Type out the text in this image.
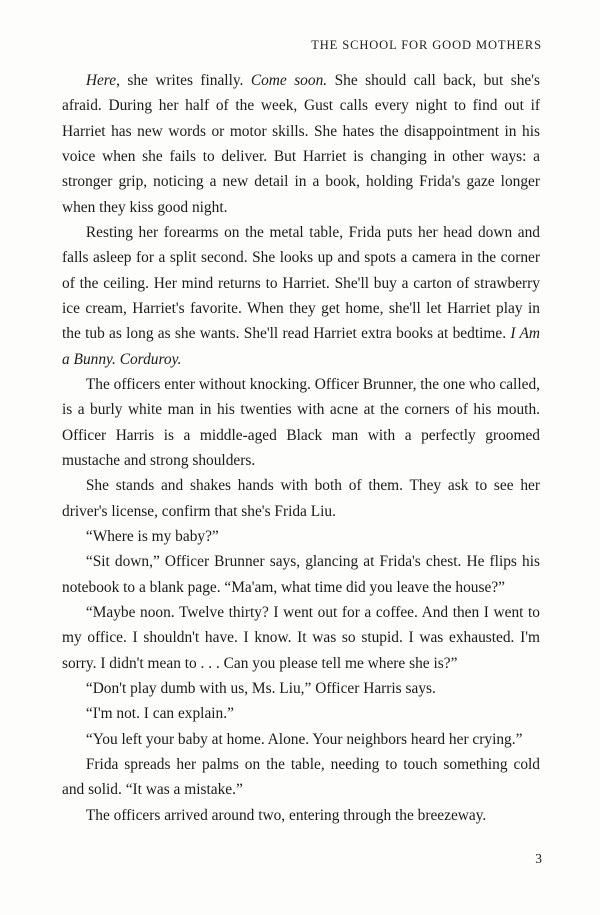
THE SCHOOL FOR GOOD MOTHERS

Here, she writes finally. Come soon. She should call back, but she's afraid. During her half of the week, Gust calls every night to find out if Harriet has new words or motor skills. She hates the disappointment in his voice when she fails to deliver. But Harriet is changing in other ways: a stronger grip, noticing a new detail in a book, holding Frida's gaze longer when they kiss good night.

Resting her forearms on the metal table, Frida puts her head down and falls asleep for a split second. She looks up and spots a camera in the corner of the ceiling. Her mind returns to Harriet. She'll buy a carton of strawberry ice cream, Harriet's favorite. When they get home, she'll let Harriet play in the tub as long as she wants. She'll read Harriet extra books at bedtime. I Am a Bunny. Corduroy.

The officers enter without knocking. Officer Brunner, the one who called, is a burly white man in his twenties with acne at the corners of his mouth. Officer Harris is a middle-aged Black man with a perfectly groomed mustache and strong shoulders.

She stands and shakes hands with both of them. They ask to see her driver's license, confirm that she's Frida Liu.

“Where is my baby?”

“Sit down,” Officer Brunner says, glancing at Frida's chest. He flips his notebook to a blank page. “Ma'am, what time did you leave the house?”

“Maybe noon. Twelve thirty? I went out for a coffee. And then I went to my office. I shouldn't have. I know. It was so stupid. I was exhausted. I'm sorry. I didn't mean to . . . Can you please tell me where she is?”

“Don't play dumb with us, Ms. Liu,” Officer Harris says.

“I'm not. I can explain.”

“You left your baby at home. Alone. Your neighbors heard her crying.”

Frida spreads her palms on the table, needing to touch something cold and solid. “It was a mistake.”

The officers arrived around two, entering through the breezeway.

3
